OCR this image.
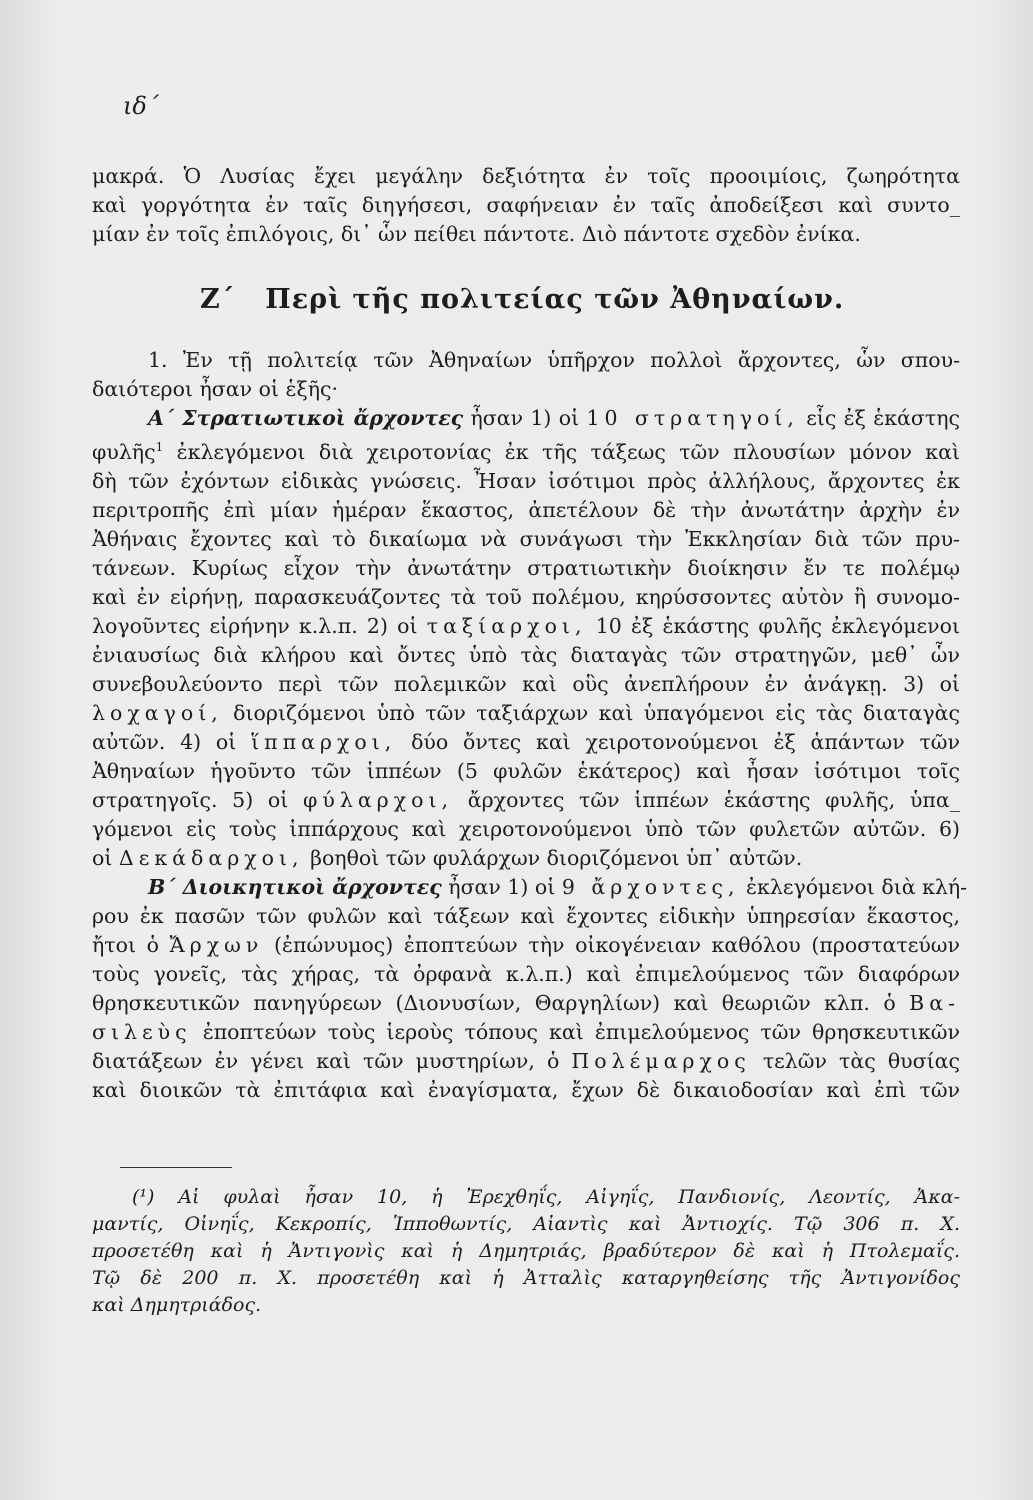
ιδ΄
μακρά. Ὁ Λυσίας ἔχει μεγάλην δεξιότητα ἐν τοῖς προοιμίοις, ζωηρότητα
καὶ γοργότητα ἐν ταῖς διηγήσεσι, σαφήνειαν ἐν ταῖς ἀποδείξεσι καὶ συντο_
μίαν ἐν τοῖς ἐπιλόγοις, δι᾿ ὧν πείθει πάντοτε. Διὸ πάντοτε σχεδὸν ἐνίκα.
Ζ΄ Περὶ τῆς πολιτείας τῶν Ἀθηναίων.
1. Ἐν τῇ πολιτείᾳ τῶν Ἀθηναίων ὑπῆρχον πολλοὶ ἄρχοντες, ὧν σπου-
δαιότεροι ἦσαν οἱ ἑξῆς·
Α΄ Στρατιωτικοὶ ἄρχοντες ἦσαν 1) οἱ 10 στρατηγοί, εἷς ἐξ ἑκάστης
φυλῆς$^1$ ἐκλεγόμενοι διὰ χειροτονίας ἐκ τῆς τάξεως τῶν πλουσίων μόνον καὶ
δὴ τῶν ἐχόντων εἰδικὰς γνώσεις. Ἦσαν ἰσότιμοι πρὸς ἀλλήλους, ἄρχοντες ἐκ
περιτροπῆς ἐπὶ μίαν ἡμέραν ἕκαστος, ἀπετέλουν δὲ τὴν ἀνωτάτην ἀρχὴν ἐν
Ἀθήναις ἔχοντες καὶ τὸ δικαίωμα νὰ συνάγωσι τὴν Ἐκκλησίαν διὰ τῶν πρυ-
τάνεων. Κυρίως εἶχον τὴν ἀνωτάτην στρατιωτικὴν διοίκησιν ἔν τε πολέμῳ
καὶ ἐν εἰρήνῃ, παρασκευάζοντες τὰ τοῦ πολέμου, κηρύσσοντες αὐτὸν ἢ συνομο-
λογοῦντες εἰρήνην κ.λ.π. 2) οἱ ταξίαρχοι, 10 ἐξ ἑκάστης φυλῆς ἐκλεγόμενοι
ἐνιαυσίως διὰ κλήρου καὶ ὄντες ὑπὸ τὰς διαταγὰς τῶν στρατηγῶν, μεθ᾿ ὧν
συνεβουλεύοντο περὶ τῶν πολεμικῶν καὶ οὓς ἀνεπλήρουν ἐν ἀνάγκῃ. 3) οἱ
λοχαγοί, διοριζόμενοι ὑπὸ τῶν ταξιάρχων καὶ ὑπαγόμενοι εἰς τὰς διαταγὰς
αὐτῶν. 4) οἱ ἵππαρχοι, δύο ὄντες καὶ χειροτονούμενοι ἐξ ἁπάντων τῶν
Ἀθηναίων ἡγοῦντο τῶν ἱππέων (5 φυλῶν ἑκάτερος) καὶ ἦσαν ἰσότιμοι τοῖς
στρατηγοῖς. 5) οἱ φύλαρχοι, ἄρχοντες τῶν ἱππέων ἑκάστης φυλῆς, ὑπα_
γόμενοι εἰς τοὺς ἱππάρχους καὶ χειροτονούμενοι ὑπὸ τῶν φυλετῶν αὐτῶν. 6)
οἱ Δεκάδαρχοι, βοηθοὶ τῶν φυλάρχων διοριζόμενοι ὑπ᾿ αὐτῶν.
Β΄ Διοικητικοὶ ἄρχοντες ἦσαν 1) οἱ 9 ἄρχοντες, ἐκλεγόμενοι διὰ κλή-
ρου ἐκ πασῶν τῶν φυλῶν καὶ τάξεων καὶ ἔχοντες εἰδικὴν ὑπηρεσίαν ἕκαστος,
ἤτοι ὁ Ἄρχων (ἐπώνυμος) ἐποπτεύων τὴν οἰκογένειαν καθόλου (προστατεύων
τοὺς γονεῖς, τὰς χήρας, τὰ ὀρφανὰ κ.λ.π.) καὶ ἐπιμελούμενος τῶν διαφόρων
θρησκευτικῶν πανηγύρεων (Διονυσίων, Θαργηλίων) καὶ θεωριῶν κλπ. ὁ Βα-
σιλεὺς ἐποπτεύων τοὺς ἱεροὺς τόπους καὶ ἐπιμελούμενος τῶν θρησκευτικῶν
διατάξεων ἐν γένει καὶ τῶν μυστηρίων, ὁ Πολέμαρχος τελῶν τὰς θυσίας
καὶ διοικῶν τὰ ἐπιτάφια καὶ ἐναγίσματα, ἔχων δὲ δικαιοδοσίαν καὶ ἐπὶ τῶν
(¹) Αἱ φυλαὶ ἦσαν 10, ἡ Ἐρεχθηΐς, Αἰγηΐς, Πανδιονίς, Λεοντίς, Ἀκα-
μαντίς, Οἰνηΐς, Κεκροπίς, Ἱπποθωντίς, Αἰαντὶς καὶ Ἀντιοχίς. Τῷ 306 π. Χ.
προσετέθη καὶ ἡ Ἀντιγονὶς καὶ ἡ Δημητριάς, βραδύτερον δὲ καὶ ἡ Πτολεμαΐς.
Τῷ δὲ 200 π. Χ. προσετέθη καὶ ἡ Ἀτταλὶς καταργηθείσης τῆς Ἀντιγονίδος
καὶ Δημητριάδος.
